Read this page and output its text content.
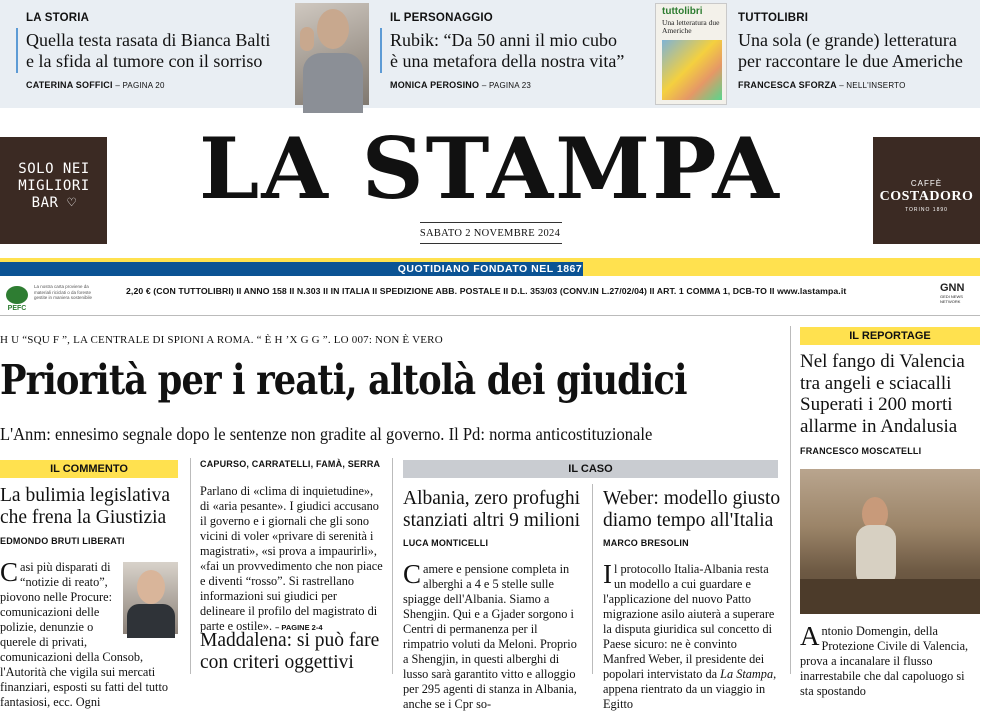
LA STORIA
Quella testa rasata di Bianca Balti
e la sfida al tumore con il sorriso
CATERINA SOFFICI – PAGINA 20
IL PERSONAGGIO
Rubik: “Da 50 anni il mio cubo
è una metafora della nostra vita”
MONICA PEROSINO – PAGINA 23
tuttolibri
Una letteratura due Americhe
TUTTOLIBRI
Una sola (e grande) letteratura
per raccontare le due Americhe
FRANCESCA SFORZA – NELL'INSERTO
SOLO NEI
MIGLIORI
BAR ♡	LA STAMPA
SABATO 2 NOVEMBRE 2024
CAFFÈ
COSTADORO
TORINO 1890
QUOTIDIANO FONDATO NEL 1867
PEFC
La nostra carta proviene da materiali riciclati o da foreste gestite in maniera sostenibile
2,20 € (CON TUTTOLIBRI) II ANNO 158 II N.303 II IN ITALIA II SPEDIZIONE ABB. POSTALE II D.L. 353/03 (CONV.IN L.27/02/04) II ART. 1 COMMA 1, DCB-TO II www.lastampa.it	GNN
GEDI NEWS NETWORK
H U “SQU F ”, LA CENTRALE DI SPIONI A ROMA. “ È H ’X G G ”. LO 007: NON È VERO
Priorità per i reati, altolà dei giudici
L'Anm: ennesimo segnale dopo le sentenze non gradite al governo. Il Pd: norma anticostituzionale
IL COMMENTO
La bulimia legislativa
che frena la Giustizia
EDMONDO BRUTI LIBERATI
Casi più disparati di “notizie di reato”, piovono nelle Procure: comunicazioni delle polizie, denunzie o querele di privati, comunicazioni della Consob, l'Autorità che vigila sui mercati finanziari, esposti su fatti del tutto fantasiosi, ecc. Ogni
CAPURSO, CARRATELLI, FAMÀ, SERRA
Parlano di «clima di inquietudine», di «aria pesante». I giudici accusano il governo e i giornali che gli sono vicini di voler «privare di serenità i magistrati», «si prova a impaurirli», «fai un provvedimento che non piace e diventi “rosso”. Si rastrellano informazioni sui giudici per delineare il profilo del magistrato di parte e ostile». – PAGINE 2-4
Maddalena: si può fare
con criteri oggettivi
IL CASO
Albania, zero profughi
stanziati altri 9 milioni
LUCA MONTICELLI
Camere e pensione completa in alberghi a 4 e 5 stelle sulle spiagge dell'Albania. Siamo a Shengjin. Qui e a Gjader sorgono i Centri di permanenza per il rimpatrio voluti da Meloni. Proprio a Shengjin, in questi alberghi di lusso sarà garantito vitto e alloggio per 295 agenti di stanza in Albania, anche se i Cpr so-
Weber: modello giusto
diamo tempo all'Italia
MARCO BRESOLIN
Il protocollo Italia-Albania resta un modello a cui guardare e l'applicazione del nuovo Patto migrazione asilo aiuterà a superare la disputa giuridica sul concetto di Paese sicuro: ne è convinto Manfred Weber, il presidente dei popolari intervistato da La Stampa, appena rientrato da un viaggio in Egitto
IL REPORTAGE
Nel fango di Valencia
tra angeli e sciacalli
Superati i 200 morti
allarme in Andalusia
FRANCESCO MOSCATELLI
Antonio Domengin, della Protezione Civile di Valencia, prova a incanalare il flusso inarrestabile che dal capoluogo si sta spostando
